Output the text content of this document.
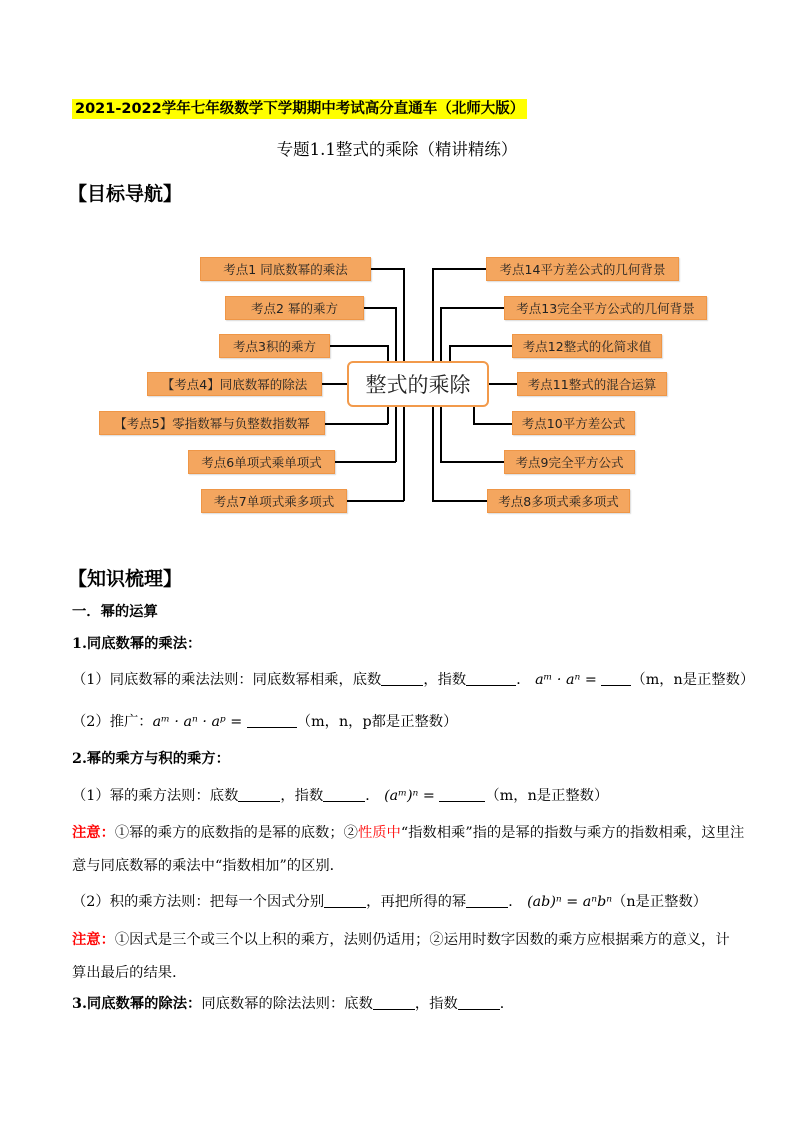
2021-2022学年七年级数学下学期期中考试高分直通车（北师大版）
专题1.1整式的乘除（精讲精练）
【目标导航】
整式的乘除
考点1 同底数幂的乘法
考点2 幂的乘方
考点3积的乘方
【考点4】同底数幂的除法
【考点5】零指数幂与负整数指数幂
考点6单项式乘单项式
考点7单项式乘多项式
考点14平方差公式的几何背景
考点13完全平方公式的几何背景
考点12整式的化简求值
考点11整式的混合运算
考点10平方差公式
考点9完全平方公式
考点8多项式乘多项式
【知识梳理】
一．幂的运算
1.同底数幂的乘法：
（1）同底数幂的乘法法则：同底数幂相乘，底数	，指数	． aᵐ · aⁿ = （m，n是正整数）
（2）推广：aᵐ · aⁿ · aᵖ =	（m，n，p都是正整数）
2.幂的乘方与积的乘方：
（1）幂的乘方法则：底数	，指数	． (aᵐ)ⁿ =	（m，n是正整数）
注意：①幂的乘方的底数指的是幂的底数；②性质中“指数相乘”指的是幂的指数与乘方的指数相乘，这里注
意与同底数幂的乘法中“指数相加”的区别．
（2）积的乘方法则：把每一个因式分别	，再把所得的幂	． (ab)ⁿ = aⁿbⁿ（n是正整数）
注意：①因式是三个或三个以上积的乘方，法则仍适用；②运用时数字因数的乘方应根据乘方的意义，计
算出最后的结果．
3.同底数幂的除法：同底数幂的除法法则：底数	，指数	．
